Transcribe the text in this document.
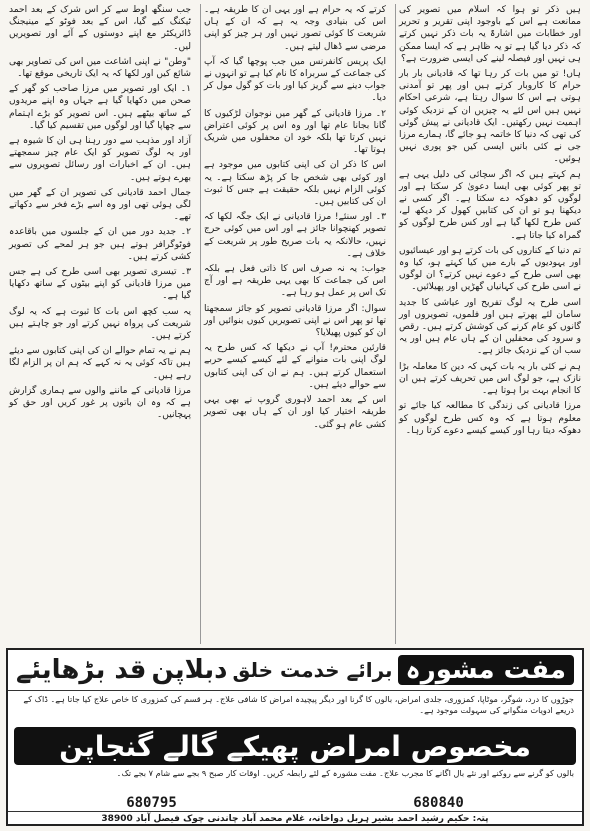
ہیں ذکر تو ہوا کہ اسلام میں تصویر کی ممانعت ہے اس کے باوجود اپنی تقریر و تحریر اور خطابات میں اشارۃً یہ بات ذکر نہیں کرتے کہ ذکر دیا گیا ہے تو یہ ظاہر ہے کہ ایسا ممکن ہی نہیں اور فیصلہ لینے کی ایسی ضرورت ہے؟

ہاں! تو میں بات کر رہا تھا کہ قادیانی بار بار حرام کا کاروبار کرتے ہیں اور پھر تو آمدنی ہوتی ہے اس کا سوال رہتا ہے، شرعی احکام نہیں ہیں اس لئے یہ چیزیں ان کے نزدیک کوئی اہمیت نہیں رکھتیں۔ ایک قادیانی نے پیش گوئی کی تھی کہ دنیا کا خاتمہ ہو جائے گا، ہمارے مرزا جی نے کئی باتیں ایسی کیں جو پوری نہیں ہوئیں۔

ہم کہتے ہیں کہ اگر سچائی کی دلیل یہی ہے تو پھر کوئی بھی ایسا دعویٰ کر سکتا ہے اور لوگوں کو دھوکہ دے سکتا ہے۔ اگر کسی نے دیکھنا ہو تو ان کی کتابیں کھول کر دیکھ لے، کس طرح لکھا گیا ہے اور کس طرح لوگوں کو گمراہ کیا جاتا ہے۔

تم دنیا کے کناروں کی بات کرتے ہو اور عیسائیوں اور یہودیوں کے بارے میں کیا کہتے ہو، کیا وہ بھی اسی طرح کے دعوے نہیں کرتے؟ ان لوگوں نے اسی طرح کی کہانیاں گھڑیں اور پھیلائیں۔

اسی طرح یہ لوگ تفریح اور عیاشی کا جدید سامان لئے پھرتے ہیں اور فلموں، تصویروں اور گانوں کو عام کرنے کی کوشش کرتے ہیں۔ رقص و سرود کی محفلیں ان کے ہاں عام ہیں اور یہ سب ان کے نزدیک جائز ہے۔

ہم نے کئی بار یہ بات کہی کہ دین کا معاملہ بڑا نازک ہے، جو لوگ اس میں تحریف کرتے ہیں ان کا انجام بہت برا ہوتا ہے۔

مرزا قادیانی کی زندگی کا مطالعہ کیا جائے تو معلوم ہوتا ہے کہ وہ کس طرح لوگوں کو دھوکہ دیتا رہا اور کیسے کیسے دعوے کرتا رہا۔

کرتے کہ یہ حرام ہے اور یہی ان کا طریقہ ہے۔ اس کی بنیادی وجہ یہ ہے کہ ان کے ہاں شریعت کا کوئی تصور نہیں اور ہر چیز کو اپنی مرضی سے ڈھال لیتے ہیں۔

ایک پریس کانفرنس میں جب پوچھا گیا کہ آپ کی جماعت کے سربراہ کا نام کیا ہے تو انہوں نے جواب دینے سے گریز کیا اور بات کو گول مول کر دیا۔

۲۔ مرزا قادیانی کے گھر میں نوجوان لڑکیوں کا گانا بجانا عام تھا اور وہ اس پر کوئی اعتراض نہیں کرتا تھا بلکہ خود ان محفلوں میں شریک ہوتا تھا۔

اس کا ذکر ان کی اپنی کتابوں میں موجود ہے اور کوئی بھی شخص جا کر پڑھ سکتا ہے۔ یہ کوئی الزام نہیں بلکہ حقیقت ہے جس کا ثبوت ان کی کتابیں ہیں۔

۳۔ اور سنئے! مرزا قادیانی نے ایک جگہ لکھا کہ تصویر کھنچوانا جائز ہے اور اس میں کوئی حرج نہیں، حالانکہ یہ بات صریح طور پر شریعت کے خلاف ہے۔

جواب: یہ نہ صرف اس کا ذاتی فعل ہے بلکہ اس کی جماعت کا بھی یہی طریقہ ہے اور آج تک اس پر عمل ہو رہا ہے۔

سوال: اگر مرزا قادیانی تصویر کو جائز سمجھتا تھا تو پھر اس نے اپنی تصویریں کیوں بنوائیں اور ان کو کیوں پھیلایا؟

قارئین محترم! آپ نے دیکھا کہ کس طرح یہ لوگ اپنی بات منوانے کے لئے کیسے کیسے حربے استعمال کرتے ہیں۔ ہم نے ان کی اپنی کتابوں سے حوالے دیئے ہیں۔

اس کے بعد احمد لاہوری گروپ نے بھی یہی طریقہ اختیار کیا اور ان کے ہاں بھی تصویر کشی عام ہو گئی۔

جب سنگھ اوط سے کر اس شرک کے بعد احمد ٹیکنگ کیے گیا، اس کے بعد فوٹو کے مینیجنگ ڈائریکٹر مع اپنے دوستوں کے آئے اور تصویریں لیں۔

"وطن" نے اپنی اشاعت میں اس کی تصاویر بھی شائع کیں اور لکھا کہ یہ ایک تاریخی موقع تھا۔

۱۔ ایک اور تصویر میں مرزا صاحب کو گھر کے صحن میں دکھایا گیا ہے جہاں وہ اپنے مریدوں کے ساتھ بیٹھے ہیں۔ اس تصویر کو بڑے اہتمام سے چھاپا گیا اور لوگوں میں تقسیم کیا گیا۔

آزاد اور مذہب سے دور رہنا ہی ان کا شیوہ ہے اور یہ لوگ تصویر کو ایک عام چیز سمجھتے ہیں۔ ان کے اخبارات اور رسائل تصویروں سے بھرے ہوتے ہیں۔

جمال احمد قادیانی کی تصویر ان کے گھر میں لگی ہوئی تھی اور وہ اسے بڑے فخر سے دکھاتے تھے۔

۲۔ جدید دور میں ان کے جلسوں میں باقاعدہ فوٹوگرافر ہوتے ہیں جو ہر لمحے کی تصویر کشی کرتے ہیں۔

۳۔ تیسری تصویر بھی اسی طرح کی ہے جس میں مرزا قادیانی کو اپنے بیٹوں کے ساتھ دکھایا گیا ہے۔

یہ سب کچھ اس بات کا ثبوت ہے کہ یہ لوگ شریعت کی پرواہ نہیں کرتے اور جو چاہتے ہیں کرتے ہیں۔

ہم نے یہ تمام حوالے ان کی اپنی کتابوں سے دیئے ہیں تاکہ کوئی یہ نہ کہے کہ ہم ان پر الزام لگا رہے ہیں۔

مرزا قادیانی کے ماننے والوں سے ہماری گزارش ہے کہ وہ ان باتوں پر غور کریں اور حق کو پہچانیں۔

مفت مشورہ
برائے خدمت خلق
دبلاپن
قد بڑھایئے
جوڑوں کا درد، شوگر، موٹاپا، کمزوری، جلدی امراض، بالوں کا گرنا اور دیگر پیچیدہ امراض کا شافی علاج۔ ہر قسم کی کمزوری کا خاص علاج کیا جاتا ہے۔ ڈاک کے ذریعے ادویات منگوانے کی سہولت موجود ہے۔
مخصوص امراض پھیکے گالے گنجاپن
بالوں کو گرنے سے روکنے اور نئے بال اگانے کا مجرب علاج۔ مفت مشورہ کے لئے رابطہ کریں۔ اوقات کار صبح ۹ بجے سے شام ۷ بجے تک۔
680795	680840
پتہ: حکیم رشید احمد بشیر ہربل دواخانہ، غلام محمد آباد چاندنی چوک فیصل آباد 38900
